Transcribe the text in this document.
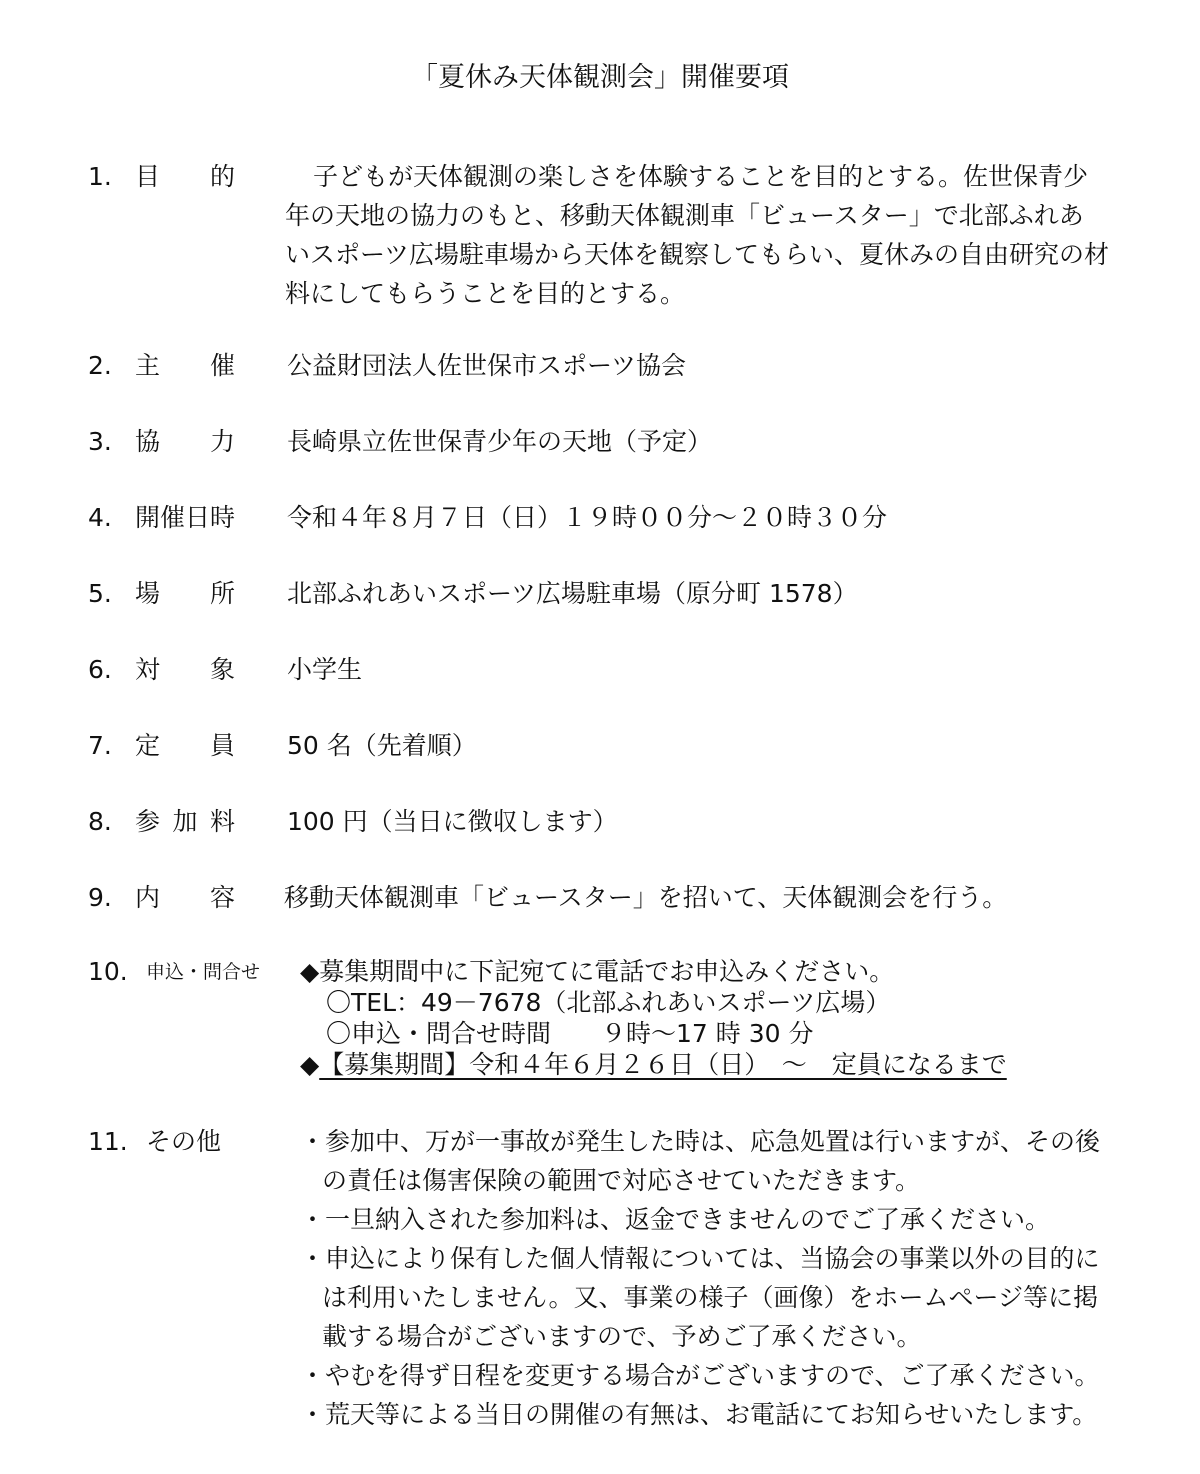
「夏休み天体観測会」開催要項
1. 目 的	子どもが天体観測の楽しさを体験することを目的とする。佐世保青少

年の天地の協力のもと、移動天体観測車「ビュースター」で北部ふれあ

いスポーツ広場駐車場から天体を観察してもらい、夏休みの自由研究の材

料にしてもらうことを目的とする。

2. 主 催 公益財団法人佐世保市スポーツ協会
3. 協 力 長崎県立佐世保青少年の天地（予定）
4. 開催日時 令和４年８月７日（日）１９時００分～２０時３０分
5. 場 所 北部ふれあいスポーツ広場駐車場（原分町 1578）
6. 対 象 小学生
7. 定 員 50 名（先着順）
8. 参 加 料 100 円（当日に徴収します）
9. 内 容 移動天体観測車「ビュースター」を招いて、天体観測会を行う。
10. 申込・問合せ ◆募集期間中に下記宛てに電話でお申込みください。

〇TEL：49－7678（北部ふれあいスポーツ広場）

〇申込・問合せ時間　　９時～17 時 30 分

◆【募集期間】令和４年６月２６日（日）　～　定員になるまで

11. その他	・参加中、万が一事故が発生した時は、応急処置は行いますが、その後

の責任は傷害保険の範囲で対応させていただきます。

・一旦納入された参加料は、返金できませんのでご了承ください。

・申込により保有した個人情報については、当協会の事業以外の目的に

は利用いたしません。又、事業の様子（画像）をホームページ等に掲

載する場合がございますので、予めご了承ください。

・やむを得ず日程を変更する場合がございますので、ご了承ください。

・荒天等による当日の開催の有無は、お電話にてお知らせいたします。
